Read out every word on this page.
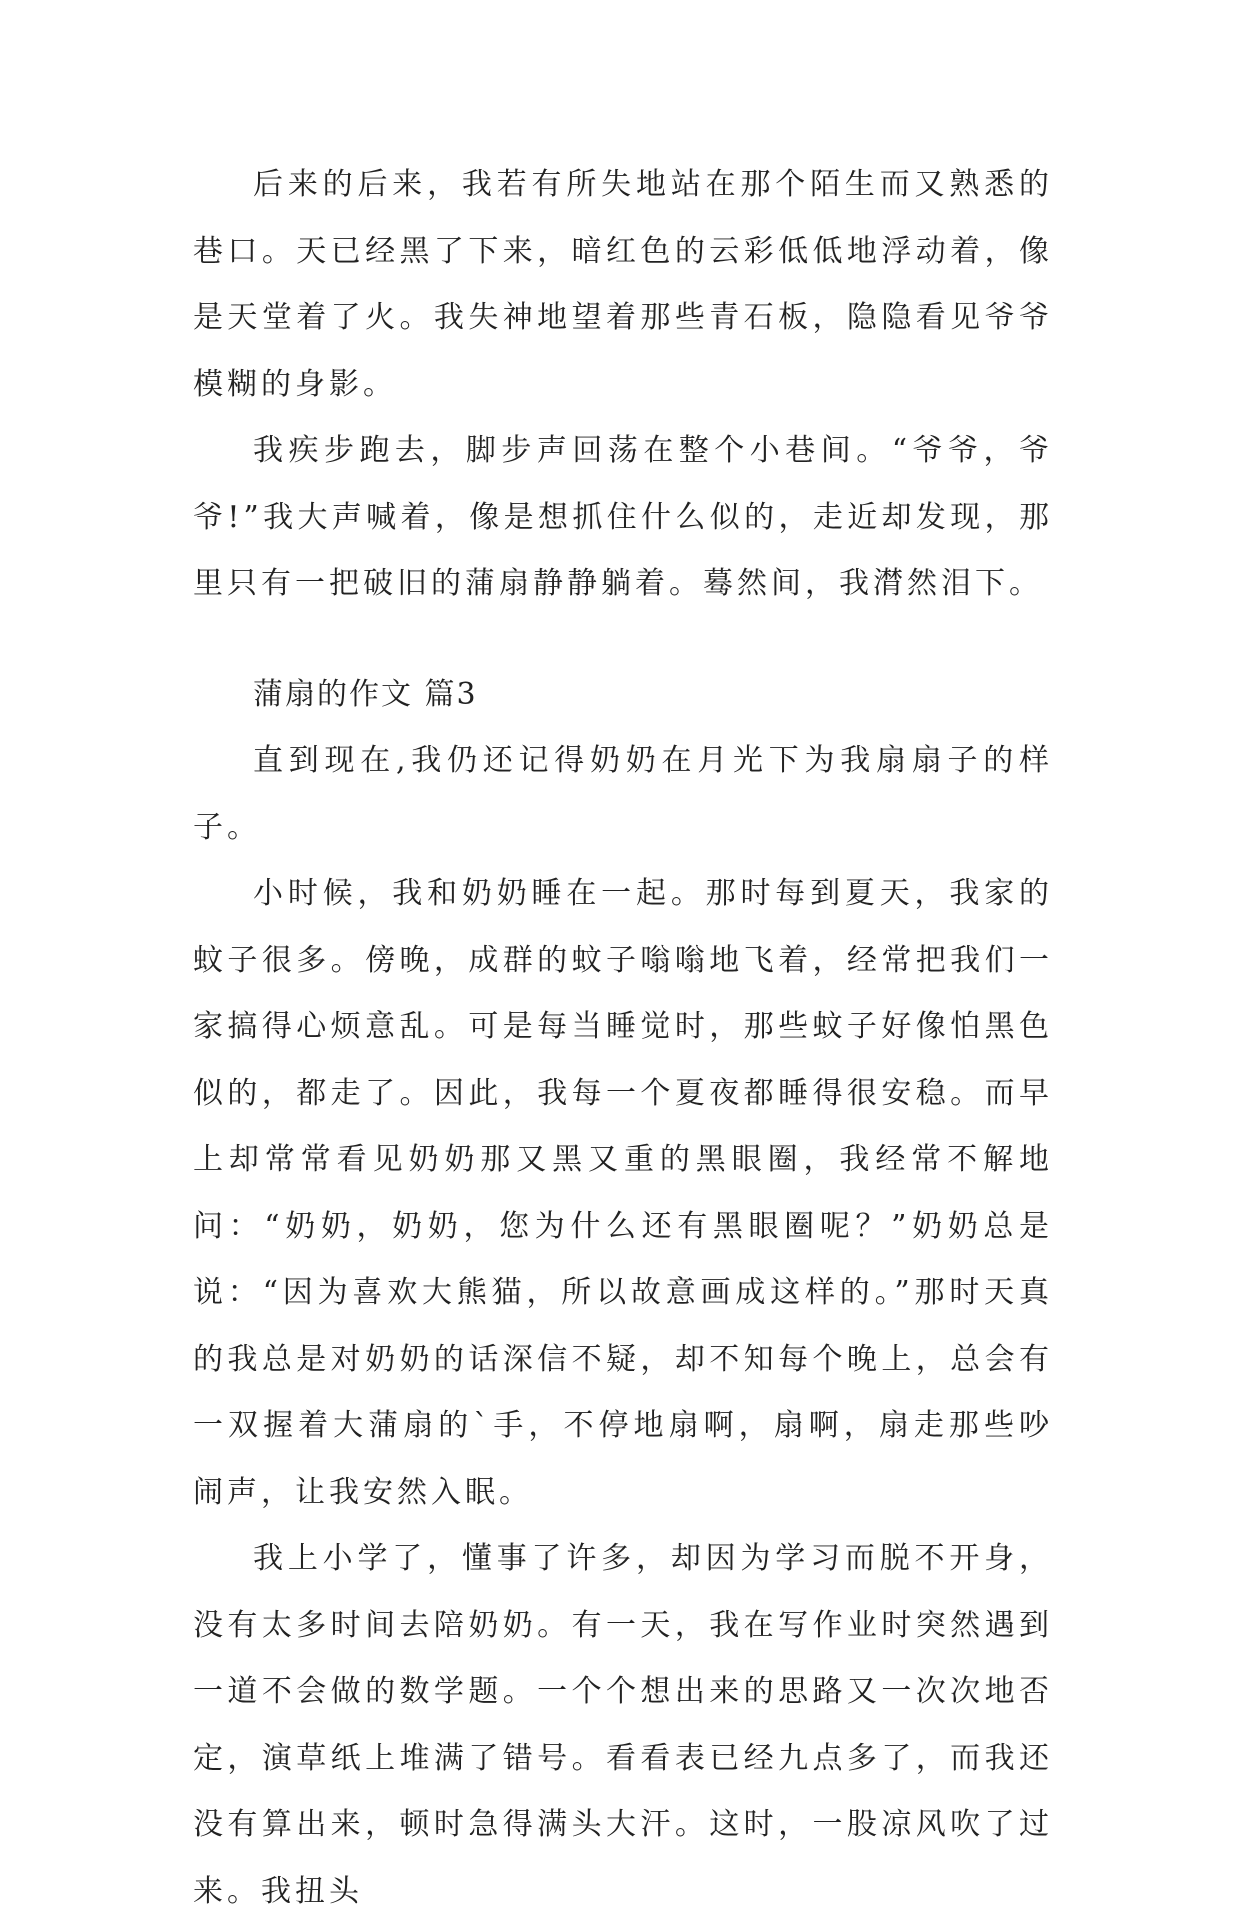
后来的后来，我若有所失地站在那个陌生而又熟悉的巷口。天已经黑了下来，暗红色的云彩低低地浮动着，像是天堂着了火。我失神地望着那些青石板，隐隐看见爷爷模糊的身影。

我疾步跑去，脚步声回荡在整个小巷间。“爷爷，爷爷!”我大声喊着，像是想抓住什么似的，走近却发现，那里只有一把破旧的蒲扇静静躺着。蓦然间，我潸然泪下。

蒲扇的作文 篇3

直到现在,我仍还记得奶奶在月光下为我扇扇子的样子。

小时候，我和奶奶睡在一起。那时每到夏天，我家的蚊子很多。傍晚，成群的蚊子嗡嗡地飞着，经常把我们一家搞得心烦意乱。可是每当睡觉时，那些蚊子好像怕黑色似的，都走了。因此，我每一个夏夜都睡得很安稳。而早上却常常看见奶奶那又黑又重的黑眼圈，我经常不解地问：“奶奶，奶奶，您为什么还有黑眼圈呢？”奶奶总是说：“因为喜欢大熊猫，所以故意画成这样的。”那时天真的我总是对奶奶的话深信不疑，却不知每个晚上，总会有一双握着大蒲扇的`手，不停地扇啊，扇啊，扇走那些吵闹声，让我安然入眠。

我上小学了，懂事了许多，却因为学习而脱不开身，没有太多时间去陪奶奶。有一天，我在写作业时突然遇到一道不会做的数学题。一个个想出来的思路又一次次地否定，演草纸上堆满了错号。看看表已经九点多了，而我还没有算出来，顿时急得满头大汗。这时，一股凉风吹了过来。我扭头
